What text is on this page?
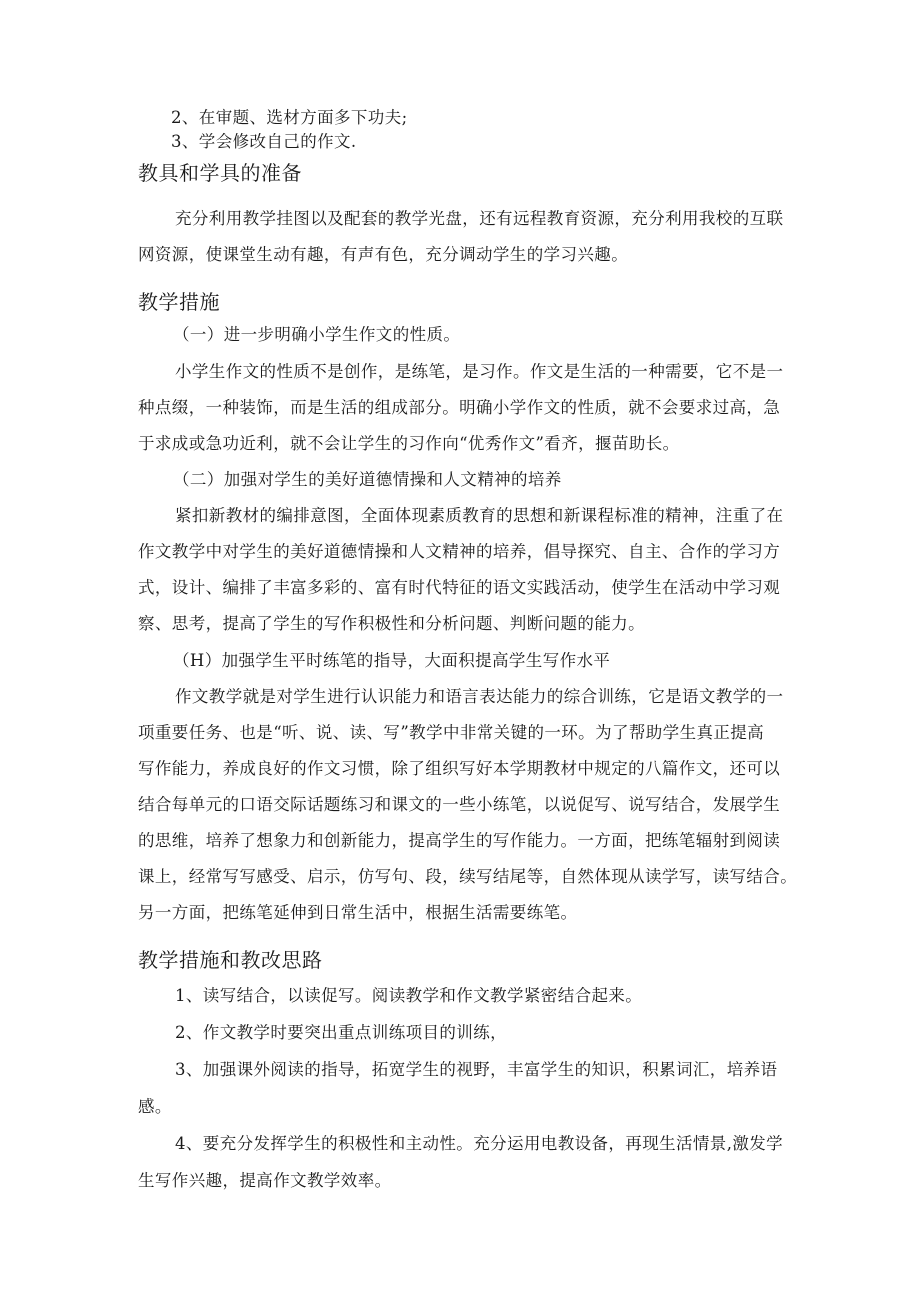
2、在审题、选材方面多下功夫;
3、学会修改自己的作文.
教具和学具的准备
充分利用教学挂图以及配套的教学光盘，还有远程教育资源，充分利用我校的互联
网资源，使课堂生动有趣，有声有色，充分调动学生的学习兴趣。
教学措施
（一）进一步明确小学生作文的性质。
小学生作文的性质不是创作，是练笔，是习作。作文是生活的一种需要，它不是一
种点缀，一种装饰，而是生活的组成部分。明确小学作文的性质，就不会要求过高，急
于求成或急功近利，就不会让学生的习作向“优秀作文”看齐，揠苗助长。
（二）加强对学生的美好道德情操和人文精神的培养
紧扣新教材的编排意图，全面体现素质教育的思想和新课程标准的精神，注重了在
作文教学中对学生的美好道德情操和人文精神的培养，倡导探究、自主、合作的学习方
式，设计、编排了丰富多彩的、富有时代特征的语文实践活动，使学生在活动中学习观
察、思考，提高了学生的写作积极性和分析问题、判断问题的能力。
（H）加强学生平时练笔的指导，大面积提高学生写作水平
作文教学就是对学生进行认识能力和语言表达能力的综合训练，它是语文教学的一
项重要任务、也是“听、说、读、写”教学中非常关键的一环。为了帮助学生真正提高
写作能力，养成良好的作文习惯，除了组织写好本学期教材中规定的八篇作文，还可以
结合每单元的口语交际话题练习和课文的一些小练笔，以说促写、说写结合，发展学生
的思维，培养了想象力和创新能力，提高学生的写作能力。一方面，把练笔辐射到阅读
课上，经常写写感受、启示，仿写句、段，续写结尾等，自然体现从读学写，读写结合。
另一方面，把练笔延伸到日常生活中，根据生活需要练笔。
教学措施和教改思路
1、读写结合，以读促写。阅读教学和作文教学紧密结合起来。
2、作文教学时要突出重点训练项目的训练，
3、加强课外阅读的指导，拓宽学生的视野，丰富学生的知识，积累词汇，培养语
感。
4、要充分发挥学生的积极性和主动性。充分运用电教设备，再现生活情景,激发学
生写作兴趣，提高作文教学效率。
